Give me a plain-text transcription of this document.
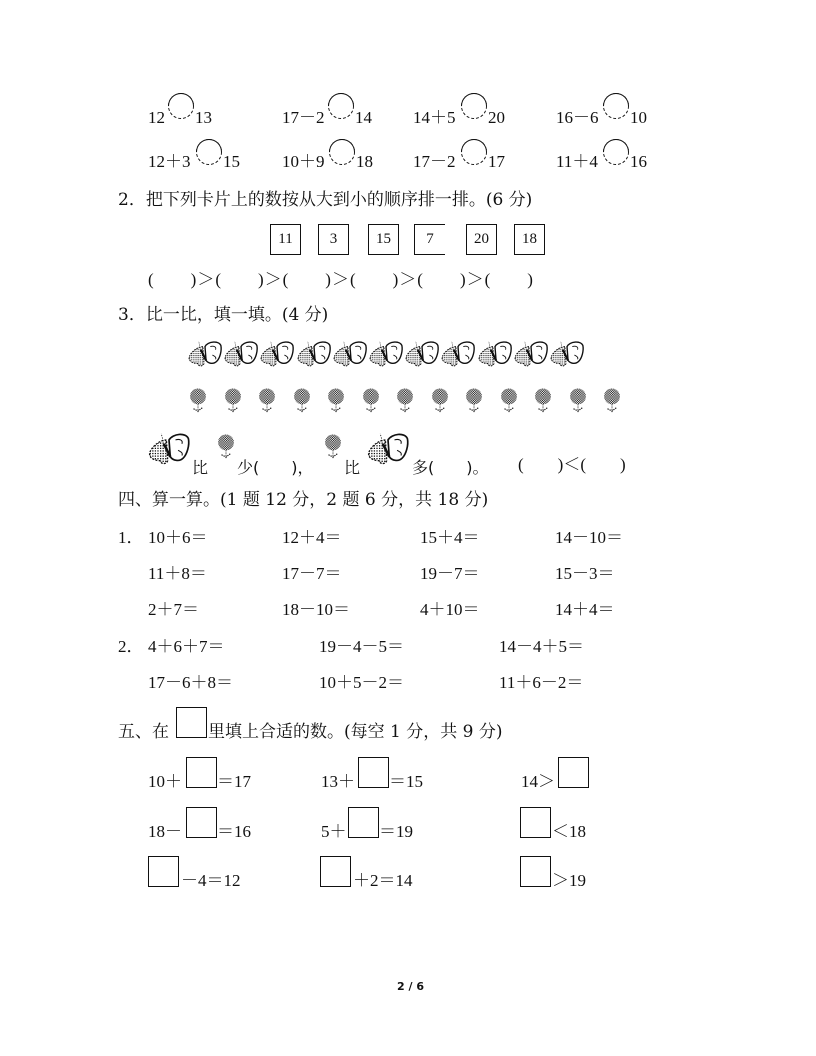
12 13	17－2 14 14＋5 20	16－6 10
12＋3 15 10＋9 18 17－2 17	11＋4 16
2．把下列卡片上的数按从大到小的顺序排一排。(6 分)
11	3	15	7	20	18
(　　)＞(　　)＞(　　)＞(　　)＞(　　)＞(　　)
3．比一比，填一填。(4 分)
比 少(　　)， 比	多(　　)。 (　　)＜(　　)
四、算一算。(1 题 12 分，2 题 6 分，共 18 分)
1． 10＋6＝	12＋4＝	15＋4＝	14－10＝
11＋8＝	17－7＝	19－7＝	15－3＝
2＋7＝	18－10＝	4＋10＝	14＋4＝
2． 4＋6＋7＝	19－4－5＝	14－4＋5＝
17－6＋8＝	10＋5－2＝	11＋6－2＝
五、在 里填上合适的数。(每空 1 分，共 9 分)
10＋ ＝17	13＋ ＝15	14＞
18－ ＝16	5＋ ＝19	＜18
－4＝12	＋2＝14	＞19
2 / 6
